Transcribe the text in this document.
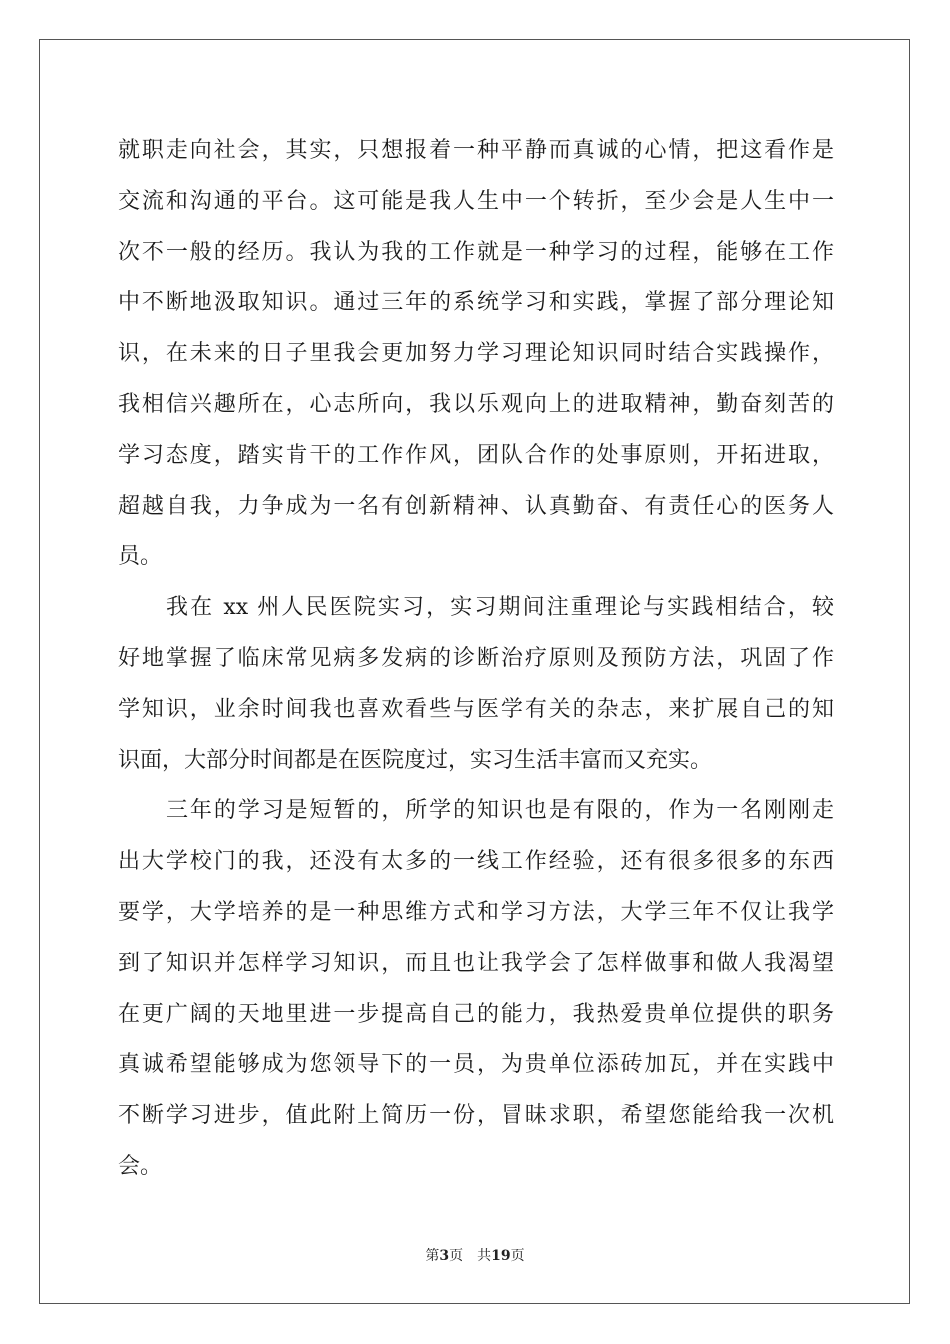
就职走向社会，其实，只想报着一种平静而真诚的心情，把这看作是
交流和沟通的平台。这可能是我人生中一个转折，至少会是人生中一
次不一般的经历。我认为我的工作就是一种学习的过程，能够在工作
中不断地汲取知识。通过三年的系统学习和实践，掌握了部分理论知
识，在未来的日子里我会更加努力学习理论知识同时结合实践操作，
我相信兴趣所在，心志所向，我以乐观向上的进取精神，勤奋刻苦的
学习态度，踏实肯干的工作作风，团队合作的处事原则，开拓进取，
超越自我，力争成为一名有创新精神、认真勤奋、有责任心的医务人
员。
我在 xx 州人民医院实习，实习期间注重理论与实践相结合，较
好地掌握了临床常见病多发病的诊断治疗原则及预防方法，巩固了作
学知识，业余时间我也喜欢看些与医学有关的杂志，来扩展自己的知
识面，大部分时间都是在医院度过，实习生活丰富而又充实。
三年的学习是短暂的，所学的知识也是有限的，作为一名刚刚走
出大学校门的我，还没有太多的一线工作经验，还有很多很多的东西
要学，大学培养的是一种思维方式和学习方法，大学三年不仅让我学
到了知识并怎样学习知识，而且也让我学会了怎样做事和做人我渴望
在更广阔的天地里进一步提高自己的能力，我热爱贵单位提供的职务
真诚希望能够成为您领导下的一员，为贵单位添砖加瓦，并在实践中
不断学习进步，值此附上简历一份，冒昧求职，希望您能给我一次机
会。
第3页 共19页
